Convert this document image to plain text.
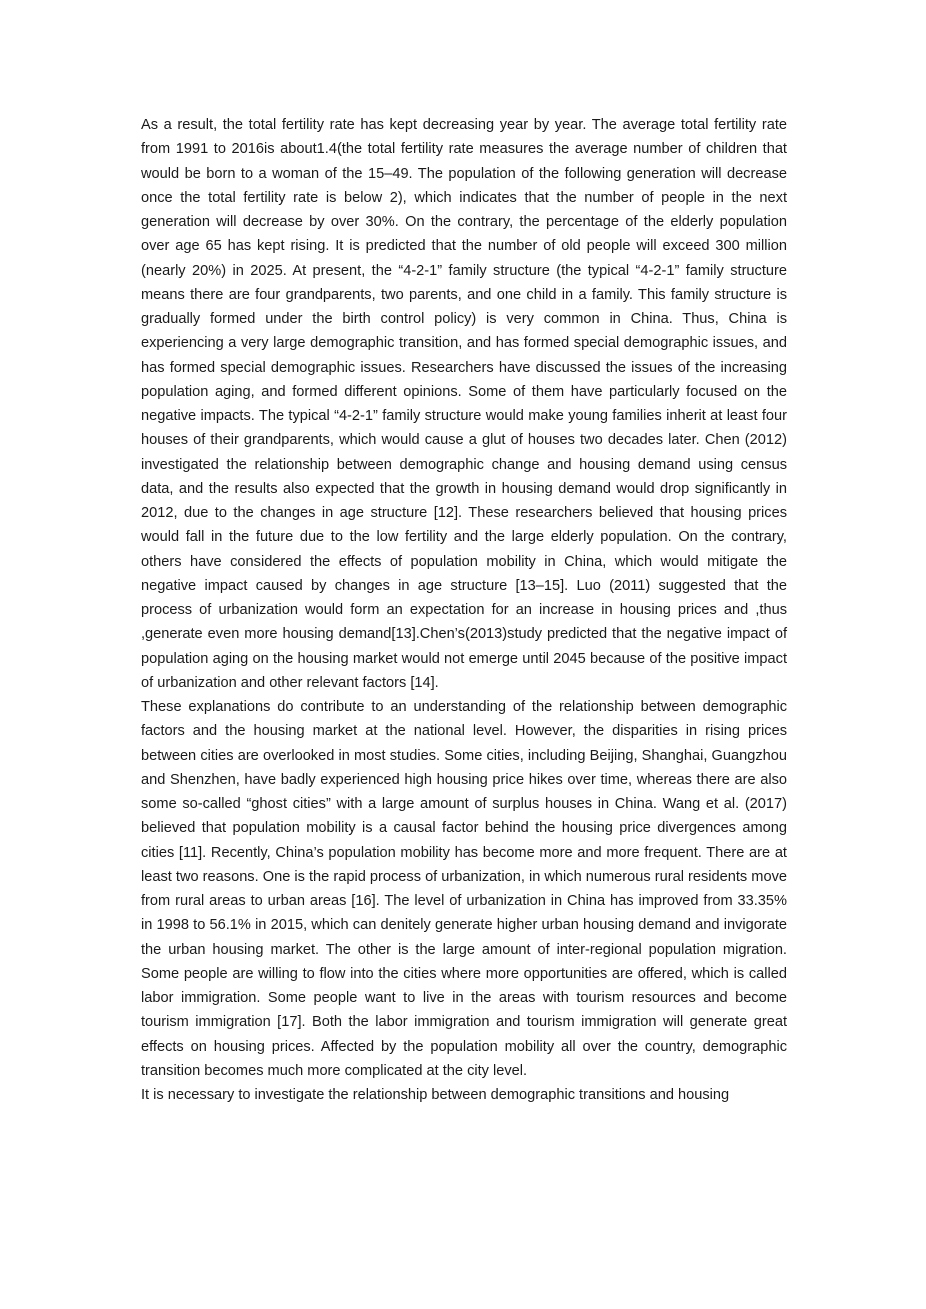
As a result, the total fertility rate has kept decreasing year by year. The average total fertility rate from 1991 to 2016is about1.4(the total fertility rate measures the average number of children that would be born to a woman of the 15–49. The population of the following generation will decrease once the total fertility rate is below 2), which indicates that the number of people in the next generation will decrease by over 30%. On the contrary, the percentage of the elderly population over age 65 has kept rising. It is predicted that the number of old people will exceed 300 million (nearly 20%) in 2025. At present, the “4-2-1” family structure (the typical “4-2-1” family structure means there are four grandparents, two parents, and one child in a family. This family structure is gradually formed under the birth control policy) is very common in China. Thus, China is experiencing a very large demographic transition, and has formed special demographic issues, and has formed special demographic issues. Researchers have discussed the issues of the increasing population aging, and formed different opinions. Some of them have particularly focused on the negative impacts. The typical “4-2-1” family structure would make young families inherit at least four houses of their grandparents, which would cause a glut of houses two decades later. Chen (2012) investigated the relationship between demographic change and housing demand using census data, and the results also expected that the growth in housing demand would drop signiﬁcantly in 2012, due to the changes in age structure [12]. These researchers believed that housing prices would fall in the future due to the low fertility and the large elderly population. On the contrary, others have considered the effects of population mobility in China, which would mitigate the negative impact caused by changes in age structure [13–15]. Luo (2011) suggested that the process of urbanization would form an expectation for an increase in housing prices and ,thus ,generate even more housing demand[13].Chen’s(2013)study predicted that the negative impact of population aging on the housing market would not emerge until 2045 because of the positive impact of urbanization and other relevant factors [14].

These explanations do contribute to an understanding of the relationship between demographic factors and the housing market at the national level. However, the disparities in rising prices between cities are overlooked in most studies. Some cities, including Beijing, Shanghai, Guangzhou and Shenzhen, have badly experienced high housing price hikes over time, whereas there are also some so-called “ghost cities” with a large amount of surplus houses in China. Wang et al. (2017) believed that population mobility is a causal factor behind the housing price divergences among cities [11]. Recently, China’s population mobility has become more and more frequent. There are at least two reasons. One is the rapid process of urbanization, in which numerous rural residents move from rural areas to urban areas [16]. The level of urbanization in China has improved from 33.35% in 1998 to 56.1% in 2015, which can denitely generate higher urban housing demand and invigorate the urban housing market. The other is the large amount of inter-regional population migration. Some people are willing to ﬂow into the cities where more opportunities are offered, which is called labor immigration. Some people want to live in the areas with tourism resources and become tourism immigration [17]. Both the labor immigration and tourism immigration will generate great effects on housing prices. Affected by the population mobility all over the country, demographic transition becomes much more complicated at the city level.

It is necessary to investigate the relationship between demographic transitions and housing
